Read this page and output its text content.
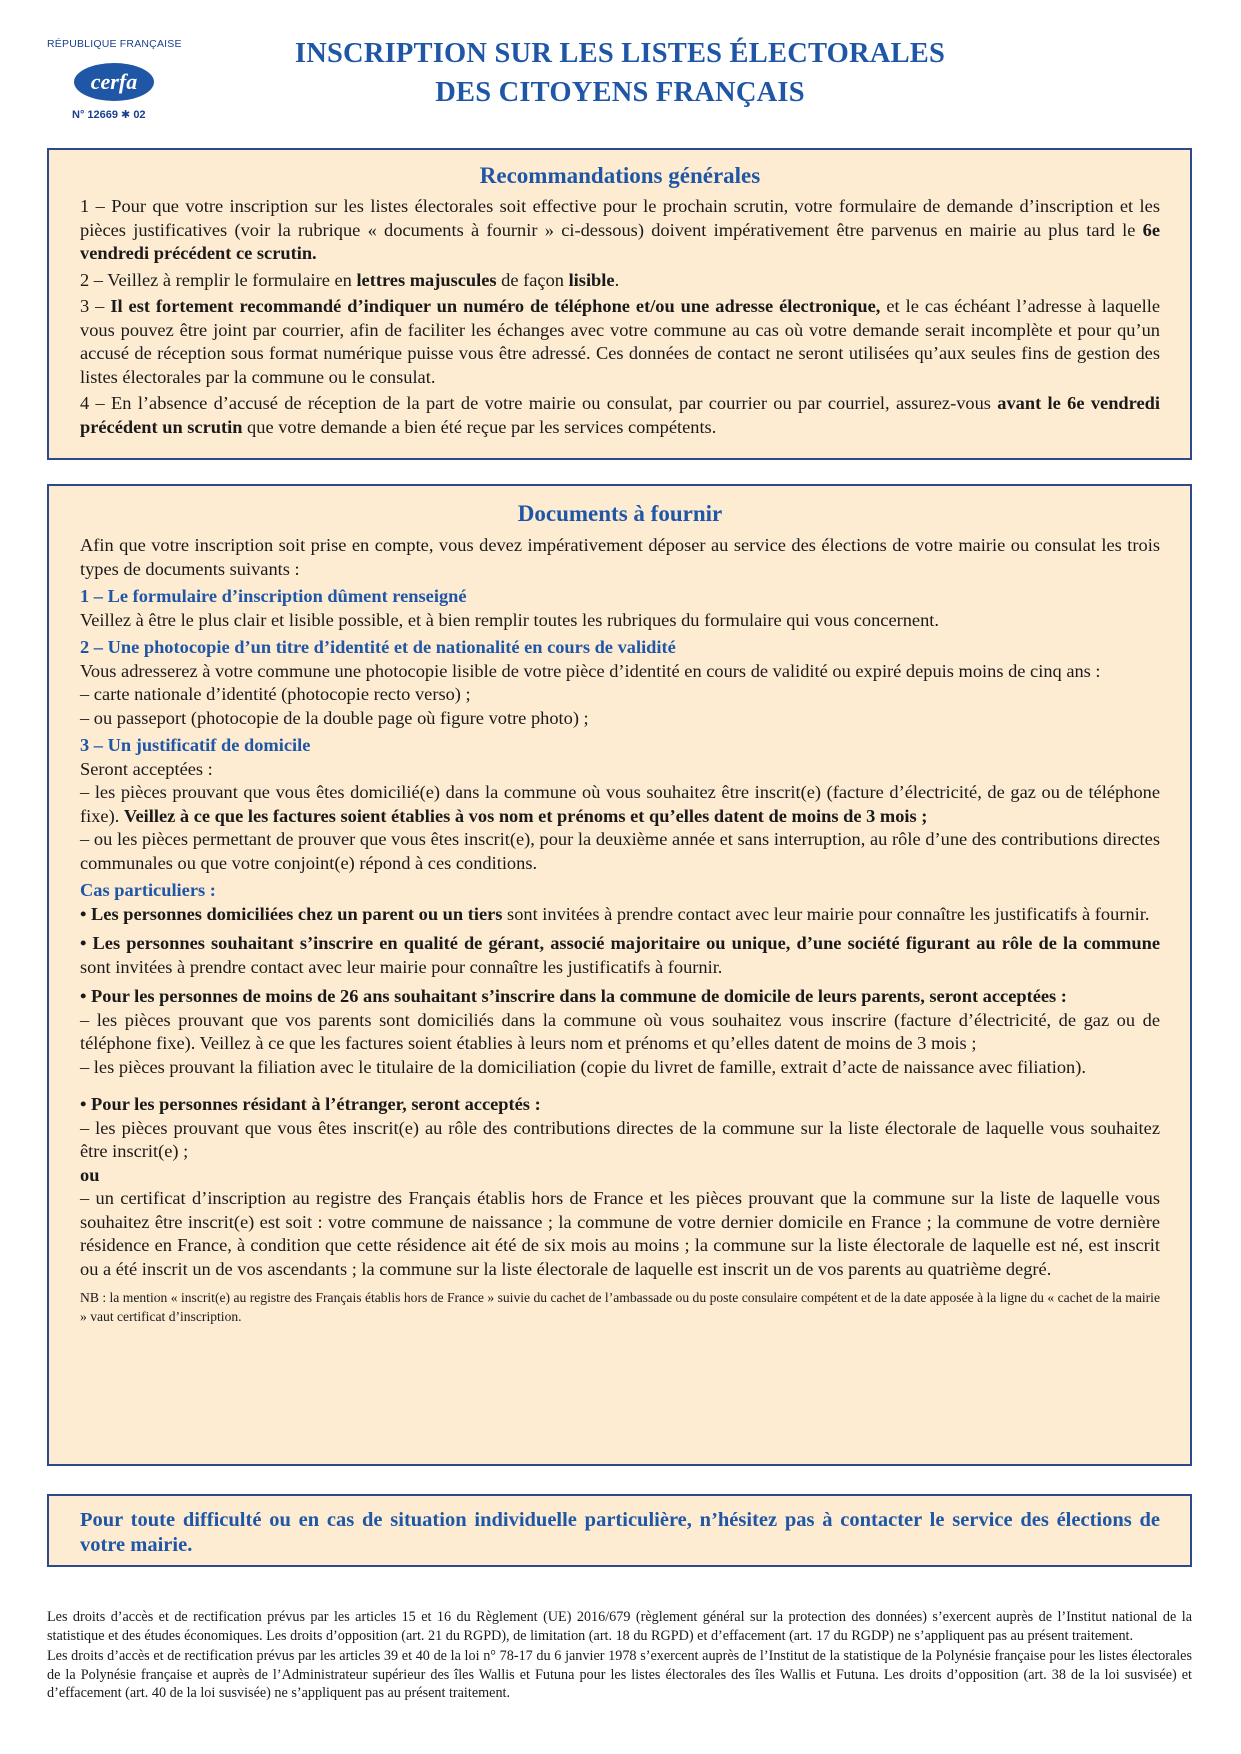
RÉPUBLIQUE FRANÇAISE
cerfa
N° 12669 ✱ 02
INSCRIPTION SUR LES LISTES ÉLECTORALES
DES CITOYENS FRANÇAIS
Recommandations générales
1 – Pour que votre inscription sur les listes électorales soit effective pour le prochain scrutin, votre formulaire de demande d’inscription et les pièces justificatives (voir la rubrique « documents à fournir » ci-dessous) doivent impérativement être parvenus en mairie au plus tard le 6e vendredi précédent ce scrutin.
2 – Veillez à remplir le formulaire en lettres majuscules de façon lisible.
3 – Il est fortement recommandé d’indiquer un numéro de téléphone et/ou une adresse électronique, et le cas échéant l’adresse à laquelle vous pouvez être joint par courrier, afin de faciliter les échanges avec votre commune au cas où votre demande serait incomplète et pour qu’un accusé de réception sous format numérique puisse vous être adressé. Ces données de contact ne seront utilisées qu’aux seules fins de gestion des listes électorales par la commune ou le consulat.
4 – En l’absence d’accusé de réception de la part de votre mairie ou consulat, par courrier ou par courriel, assurez-vous avant le 6e vendredi précédent un scrutin que votre demande a bien été reçue par les services compétents.
Documents à fournir
Afin que votre inscription soit prise en compte, vous devez impérativement déposer au service des élections de votre mairie ou consulat les trois types de documents suivants :
1 – Le formulaire d’inscription dûment renseigné
Veillez à être le plus clair et lisible possible, et à bien remplir toutes les rubriques du formulaire qui vous concernent.
2 – Une photocopie d’un titre d’identité et de nationalité en cours de validité
Vous adresserez à votre commune une photocopie lisible de votre pièce d’identité en cours de validité ou expiré depuis moins de cinq ans :
– carte nationale d’identité (photocopie recto verso) ;
– ou passeport (photocopie de la double page où figure votre photo) ;
3 – Un justificatif de domicile
Seront acceptées :
– les pièces prouvant que vous êtes domicilié(e) dans la commune où vous souhaitez être inscrit(e) (facture d’électricité, de gaz ou de téléphone fixe). Veillez à ce que les factures soient établies à vos nom et prénoms et qu’elles datent de moins de 3 mois ;
– ou les pièces permettant de prouver que vous êtes inscrit(e), pour la deuxième année et sans interruption, au rôle d’une des contributions directes communales ou que votre conjoint(e) répond à ces conditions.
Cas particuliers :
• Les personnes domiciliées chez un parent ou un tiers sont invitées à prendre contact avec leur mairie pour connaître les justificatifs à fournir.
• Les personnes souhaitant s’inscrire en qualité de gérant, associé majoritaire ou unique, d’une société figurant au rôle de la commune sont invitées à prendre contact avec leur mairie pour connaître les justificatifs à fournir.
• Pour les personnes de moins de 26 ans souhaitant s’inscrire dans la commune de domicile de leurs parents, seront acceptées :
– les pièces prouvant que vos parents sont domiciliés dans la commune où vous souhaitez vous inscrire (facture d’électricité, de gaz ou de téléphone fixe). Veillez à ce que les factures soient établies à leurs nom et prénoms et qu’elles datent de moins de 3 mois ;
– les pièces prouvant la filiation avec le titulaire de la domiciliation (copie du livret de famille, extrait d’acte de naissance avec filiation).
• Pour les personnes résidant à l’étranger, seront acceptés :
– les pièces prouvant que vous êtes inscrit(e) au rôle des contributions directes de la commune sur la liste électorale de laquelle vous souhaitez être inscrit(e) ;
ou
– un certificat d’inscription au registre des Français établis hors de France et les pièces prouvant que la commune sur la liste de laquelle vous souhaitez être inscrit(e) est soit : votre commune de naissance ; la commune de votre dernier domicile en France ; la commune de votre dernière résidence en France, à condition que cette résidence ait été de six mois au moins ; la commune sur la liste électorale de laquelle est né, est inscrit ou a été inscrit un de vos ascendants ; la commune sur la liste électorale de laquelle est inscrit un de vos parents au quatrième degré.
NB : la mention « inscrit(e) au registre des Français établis hors de France » suivie du cachet de l’ambassade ou du poste consulaire compétent et de la date apposée à la ligne du « cachet de la mairie » vaut certificat d’inscription.
Pour toute difficulté ou en cas de situation individuelle particulière, n’hésitez pas à contacter le service des élections de votre mairie.
Les droits d’accès et de rectification prévus par les articles 15 et 16 du Règlement (UE) 2016/679 (règlement général sur la protection des données) s’exercent auprès de l’Institut national de la statistique et des études économiques. Les droits d’opposition (art. 21 du RGPD), de limitation (art. 18 du RGPD) et d’effacement (art. 17 du RGDP) ne s’appliquent pas au présent traitement.
Les droits d’accès et de rectification prévus par les articles 39 et 40 de la loi n° 78-17 du 6 janvier 1978 s’exercent auprès de l’Institut de la statistique de la Polynésie française pour les listes électorales de la Polynésie française et auprès de l’Administrateur supérieur des îles Wallis et Futuna pour les listes électorales des îles Wallis et Futuna. Les droits d’opposition (art. 38 de la loi susvisée) et d’effacement (art. 40 de la loi susvisée) ne s’appliquent pas au présent traitement.
